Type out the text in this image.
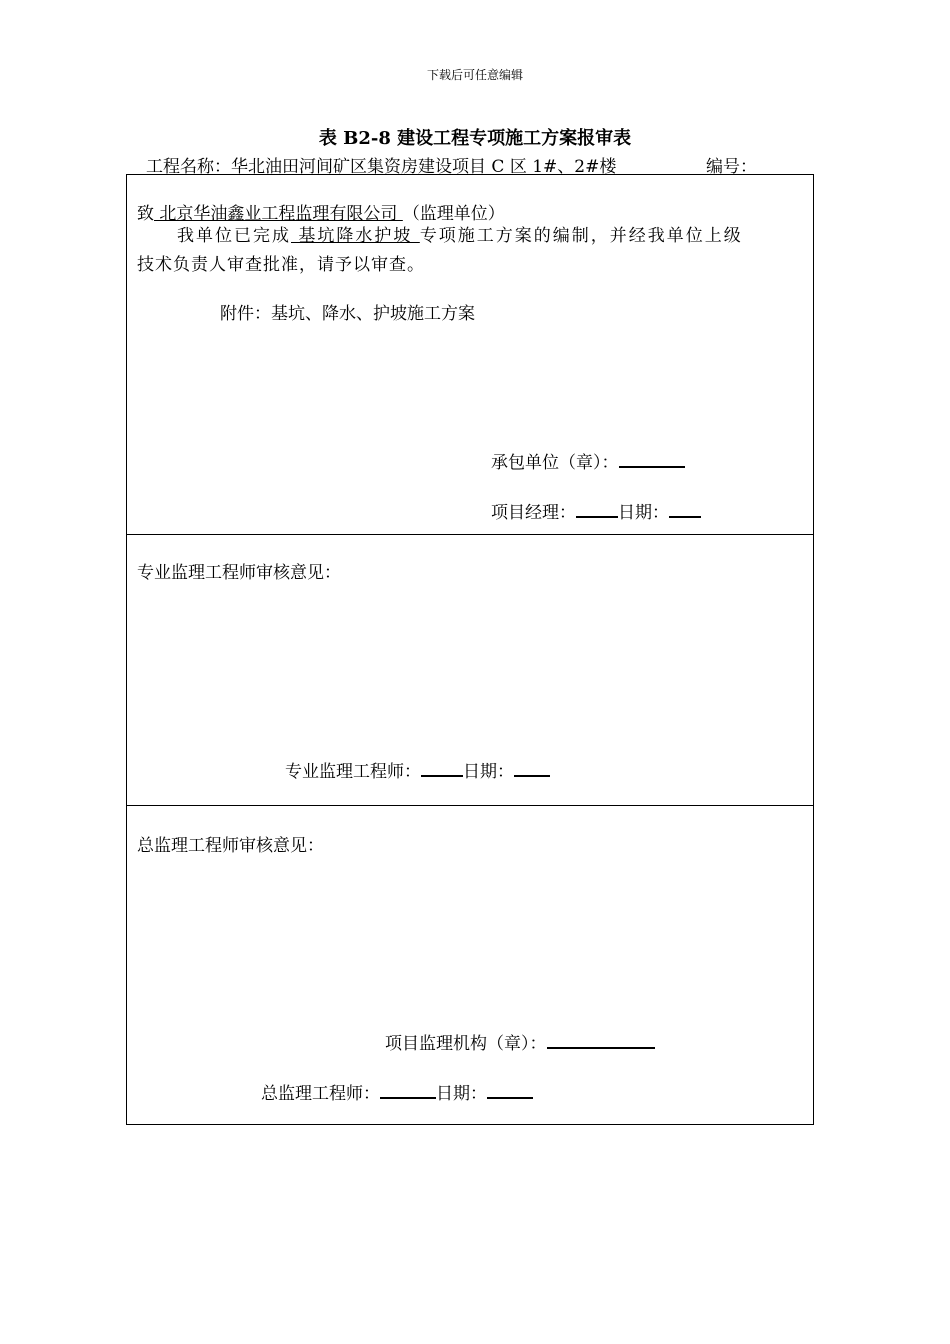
下载后可任意编辑
表 B2-8 建设工程专项施工方案报审表
工程名称：华北油田河间矿区集资房建设项目 C 区 1#、2#楼	编号：
致 北京华油鑫业工程监理有限公司 （监理单位）
我单位已完成 基坑降水护坡 专项施工方案的编制，并经我单位上级
技术负责人审查批准，请予以审查。
附件：基坑、降水、护坡施工方案
承包单位（章）：
项目经理： 日期：
专业监理工程师审核意见：
专业监理工程师： 日期：
总监理工程师审核意见：
项目监理机构（章）：
总监理工程师：	日期：
